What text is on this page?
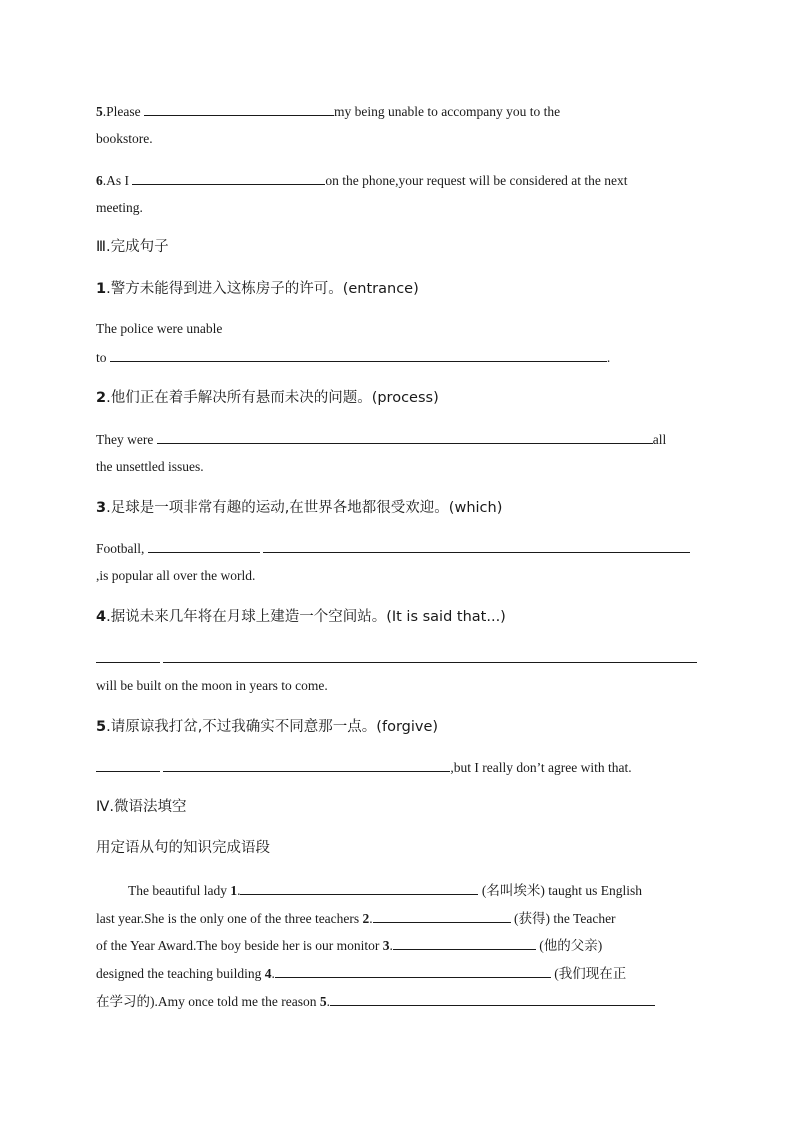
5.Please	my being unable to accompany you to the
bookstore.
6.As I	on the phone,your request will be considered at the next
meeting.
Ⅲ.完成句子
1.警方未能得到进入这栋房子的许可。(entrance)
The police were unable
to	.
2.他们正在着手解决所有悬而未决的问题。(process)
They were	all
the unsettled issues.
3.足球是一项非常有趣的运动,在世界各地都很受欢迎。(which)
Football,
,is popular all over the world.
4.据说未来几年将在月球上建造一个空间站。(It is said that...)

will be built on the moon in years to come.
5.请原谅我打岔,不过我确实不同意那一点。(forgive)
,but I really don’t agree with that.
Ⅳ.微语法填空
用定语从句的知识完成语段
The beautiful lady 1.	(名叫埃米) taught us English
last year.She is the only one of the three teachers 2.	(获得) the Teacher
of the Year Award.The boy beside her is our monitor 3.	(他的父亲)
designed the teaching building 4.	(我们现在正
在学习的).Amy once told me the reason 5.
